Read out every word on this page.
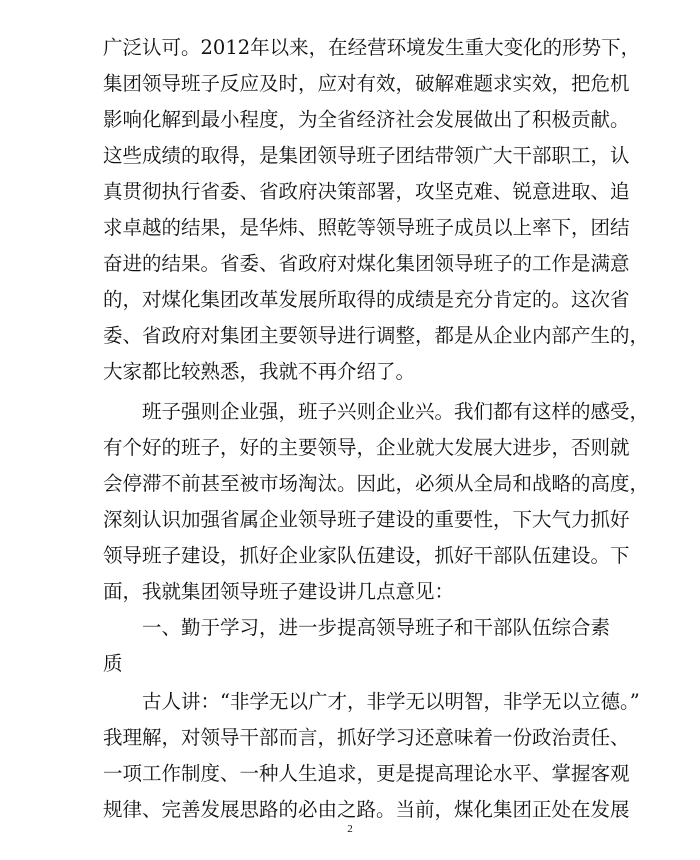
广泛认可。2012年以来，在经营环境发生重大变化的形势下，
集团领导班子反应及时，应对有效，破解难题求实效，把危机
影响化解到最小程度，为全省经济社会发展做出了积极贡献。
这些成绩的取得，是集团领导班子团结带领广大干部职工，认
真贯彻执行省委、省政府决策部署，攻坚克难、锐意进取、追
求卓越的结果，是华炜、照乾等领导班子成员以上率下，团结
奋进的结果。省委、省政府对煤化集团领导班子的工作是满意
的，对煤化集团改革发展所取得的成绩是充分肯定的。这次省
委、省政府对集团主要领导进行调整，都是从企业内部产生的，
大家都比较熟悉，我就不再介绍了。
　　班子强则企业强，班子兴则企业兴。我们都有这样的感受，
有个好的班子，好的主要领导，企业就大发展大进步，否则就
会停滞不前甚至被市场淘汰。因此，必须从全局和战略的高度，
深刻认识加强省属企业领导班子建设的重要性，下大气力抓好
领导班子建设，抓好企业家队伍建设，抓好干部队伍建设。下
面，我就集团领导班子建设讲几点意见：
　　一、勤于学习，进一步提高领导班子和干部队伍综合素
质
　　古人讲：“非学无以广才，非学无以明智，非学无以立德。”
我理解，对领导干部而言，抓好学习还意味着一份政治责任、
一项工作制度、一种人生追求，更是提高理论水平、掌握客观
规律、完善发展思路的必由之路。当前，煤化集团正处在发展
2
